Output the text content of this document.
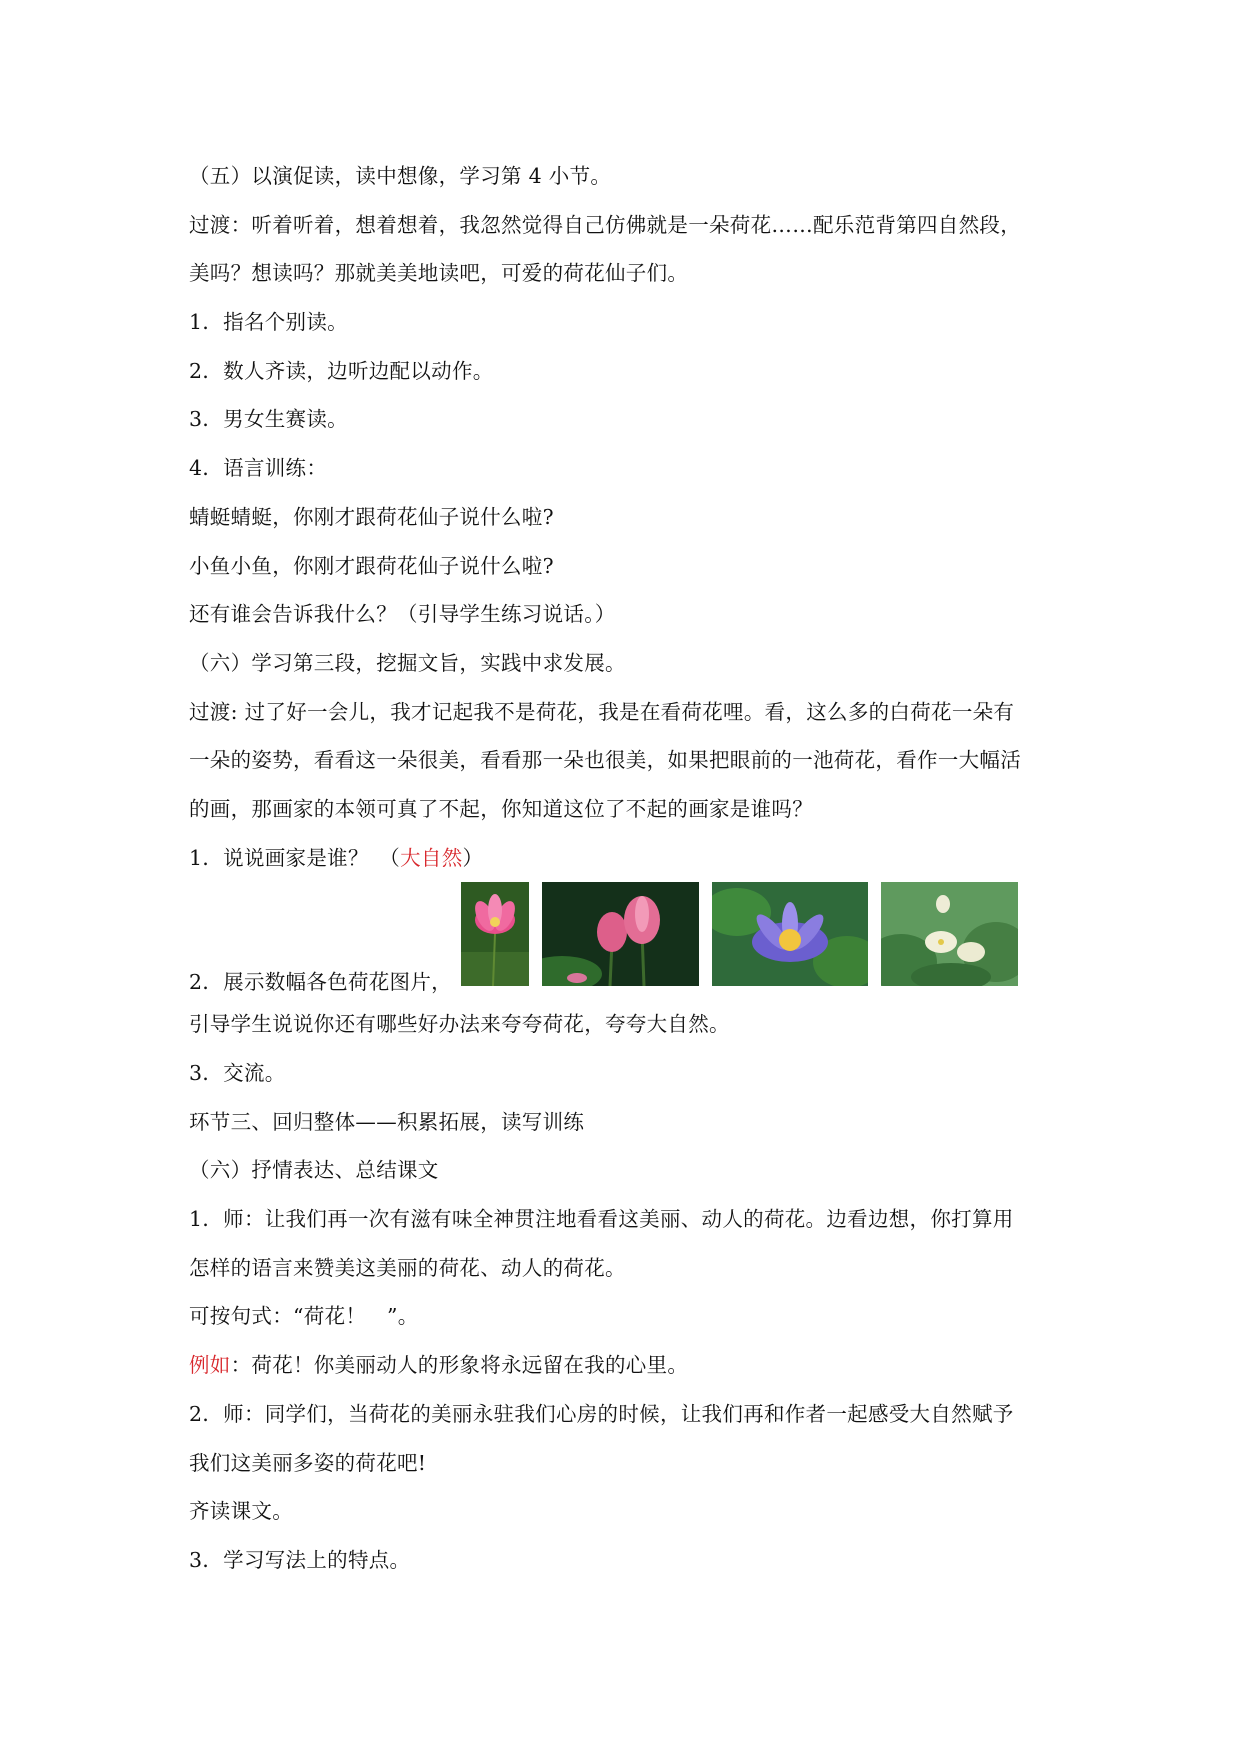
（五）以演促读，读中想像，学习第 4 小节。
过渡：听着听着，想着想着，我忽然觉得自己仿佛就是一朵荷花……配乐范背第四自然段，
美吗？想读吗？那就美美地读吧，可爱的荷花仙子们。
1．指名个别读。
2．数人齐读，边听边配以动作。
3．男女生赛读。
4．语言训练：
蜻蜓蜻蜓，你刚才跟荷花仙子说什么啦?
小鱼小鱼，你刚才跟荷花仙子说什么啦?
还有谁会告诉我什么？（引导学生练习说话。）
（六）学习第三段，挖掘文旨，实践中求发展。
过渡: 过了好一会儿，我才记起我不是荷花，我是在看荷花哩。看，这么多的白荷花一朵有
一朵的姿势，看看这一朵很美，看看那一朵也很美，如果把眼前的一池荷花，看作一大幅活
的画，那画家的本领可真了不起，你知道这位了不起的画家是谁吗？
1．说说画家是谁？　（大自然）
2．展示数幅各色荷花图片，
引导学生说说你还有哪些好办法来夸夸荷花，夸夸大自然。
3．交流。
环节三、回归整体——积累拓展，读写训练
（六）抒情表达、总结课文
1．师：让我们再一次有滋有味全神贯注地看看这美丽、动人的荷花。边看边想，你打算用
怎样的语言来赞美这美丽的荷花、动人的荷花。
可按句式：“荷花！　”。
例如：荷花！你美丽动人的形象将永远留在我的心里。
2．师：同学们，当荷花的美丽永驻我们心房的时候，让我们再和作者一起感受大自然赋予
我们这美丽多姿的荷花吧!
齐读课文。
3．学习写法上的特点。
